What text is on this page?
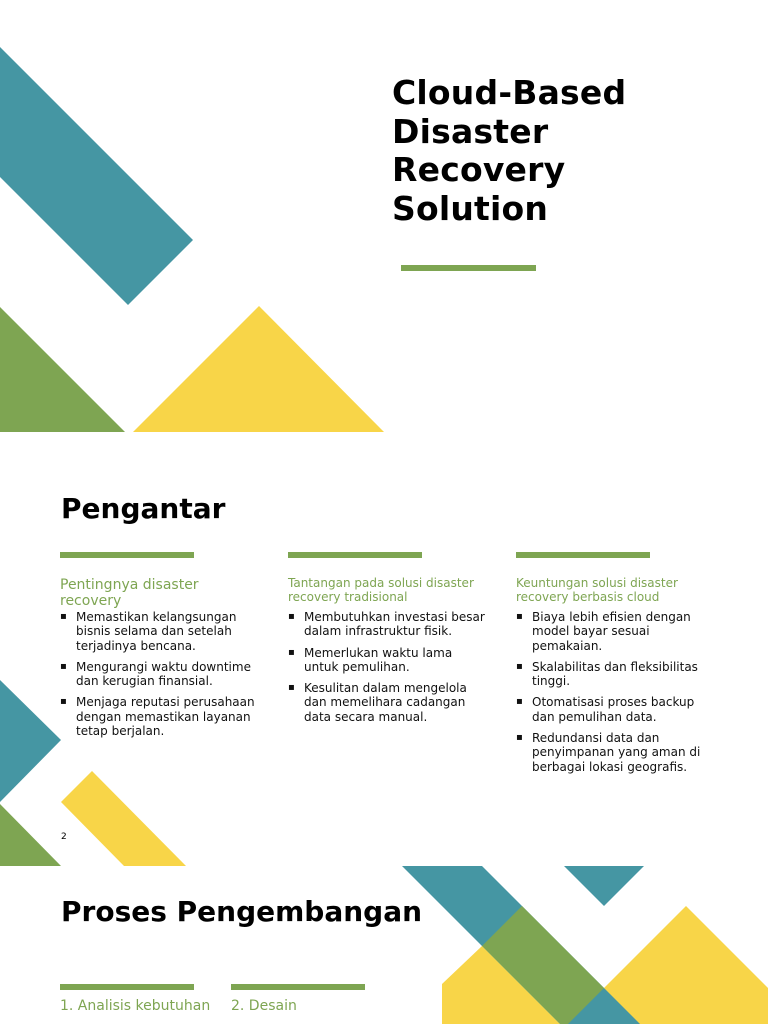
Cloud-Based Disaster Recovery Solution
Pengantar
Pentingnya disaster recovery
▪ Memastikan kelangsungan bisnis selama dan setelah terjadinya bencana.
▪ Mengurangi waktu downtime dan kerugian finansial.
▪ Menjaga reputasi perusahaan dengan memastikan layanan tetap berjalan.
Tantangan pada solusi disaster recovery tradisional
▪ Membutuhkan investasi besar dalam infrastruktur fisik.
▪ Memerlukan waktu lama untuk pemulihan.
▪ Kesulitan dalam mengelola dan memelihara cadangan data secara manual.
Keuntungan solusi disaster recovery berbasis cloud
▪ Biaya lebih efisien dengan model bayar sesuai pemakaian.
▪ Skalabilitas dan fleksibilitas tinggi.
▪ Otomatisasi proses backup dan pemulihan data.
▪ Redundansi data dan penyimpanan yang aman di berbagai lokasi geografis.
2
Proses Pengembangan
1. Analisis kebutuhan 2. Desain
